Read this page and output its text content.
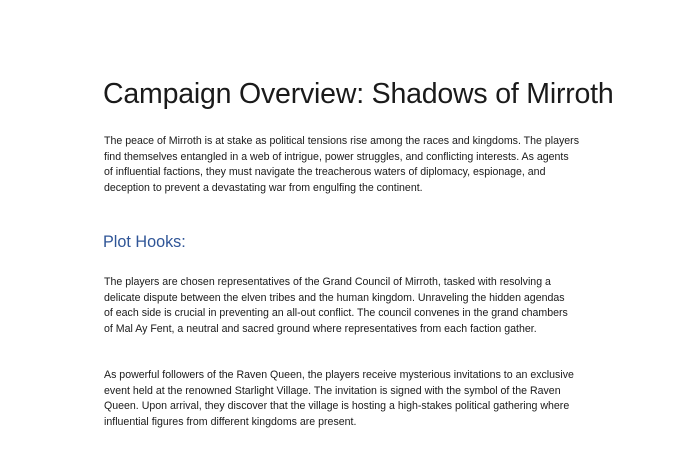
Campaign Overview: Shadows of Mirroth

The peace of Mirroth is at stake as political tensions rise among the races and kingdoms. The players
find themselves entangled in a web of intrigue, power struggles, and conflicting interests. As agents
of influential factions, they must navigate the treacherous waters of diplomacy, espionage, and
deception to prevent a devastating war from engulfing the continent.

Plot Hooks:

The players are chosen representatives of the Grand Council of Mirroth, tasked with resolving a
delicate dispute between the elven tribes and the human kingdom. Unraveling the hidden agendas
of each side is crucial in preventing an all-out conflict. The council convenes in the grand chambers
of Mal Ay Fent, a neutral and sacred ground where representatives from each faction gather.

As powerful followers of the Raven Queen, the players receive mysterious invitations to an exclusive
event held at the renowned Starlight Village. The invitation is signed with the symbol of the Raven
Queen. Upon arrival, they discover that the village is hosting a high-stakes political gathering where
influential figures from different kingdoms are present.
